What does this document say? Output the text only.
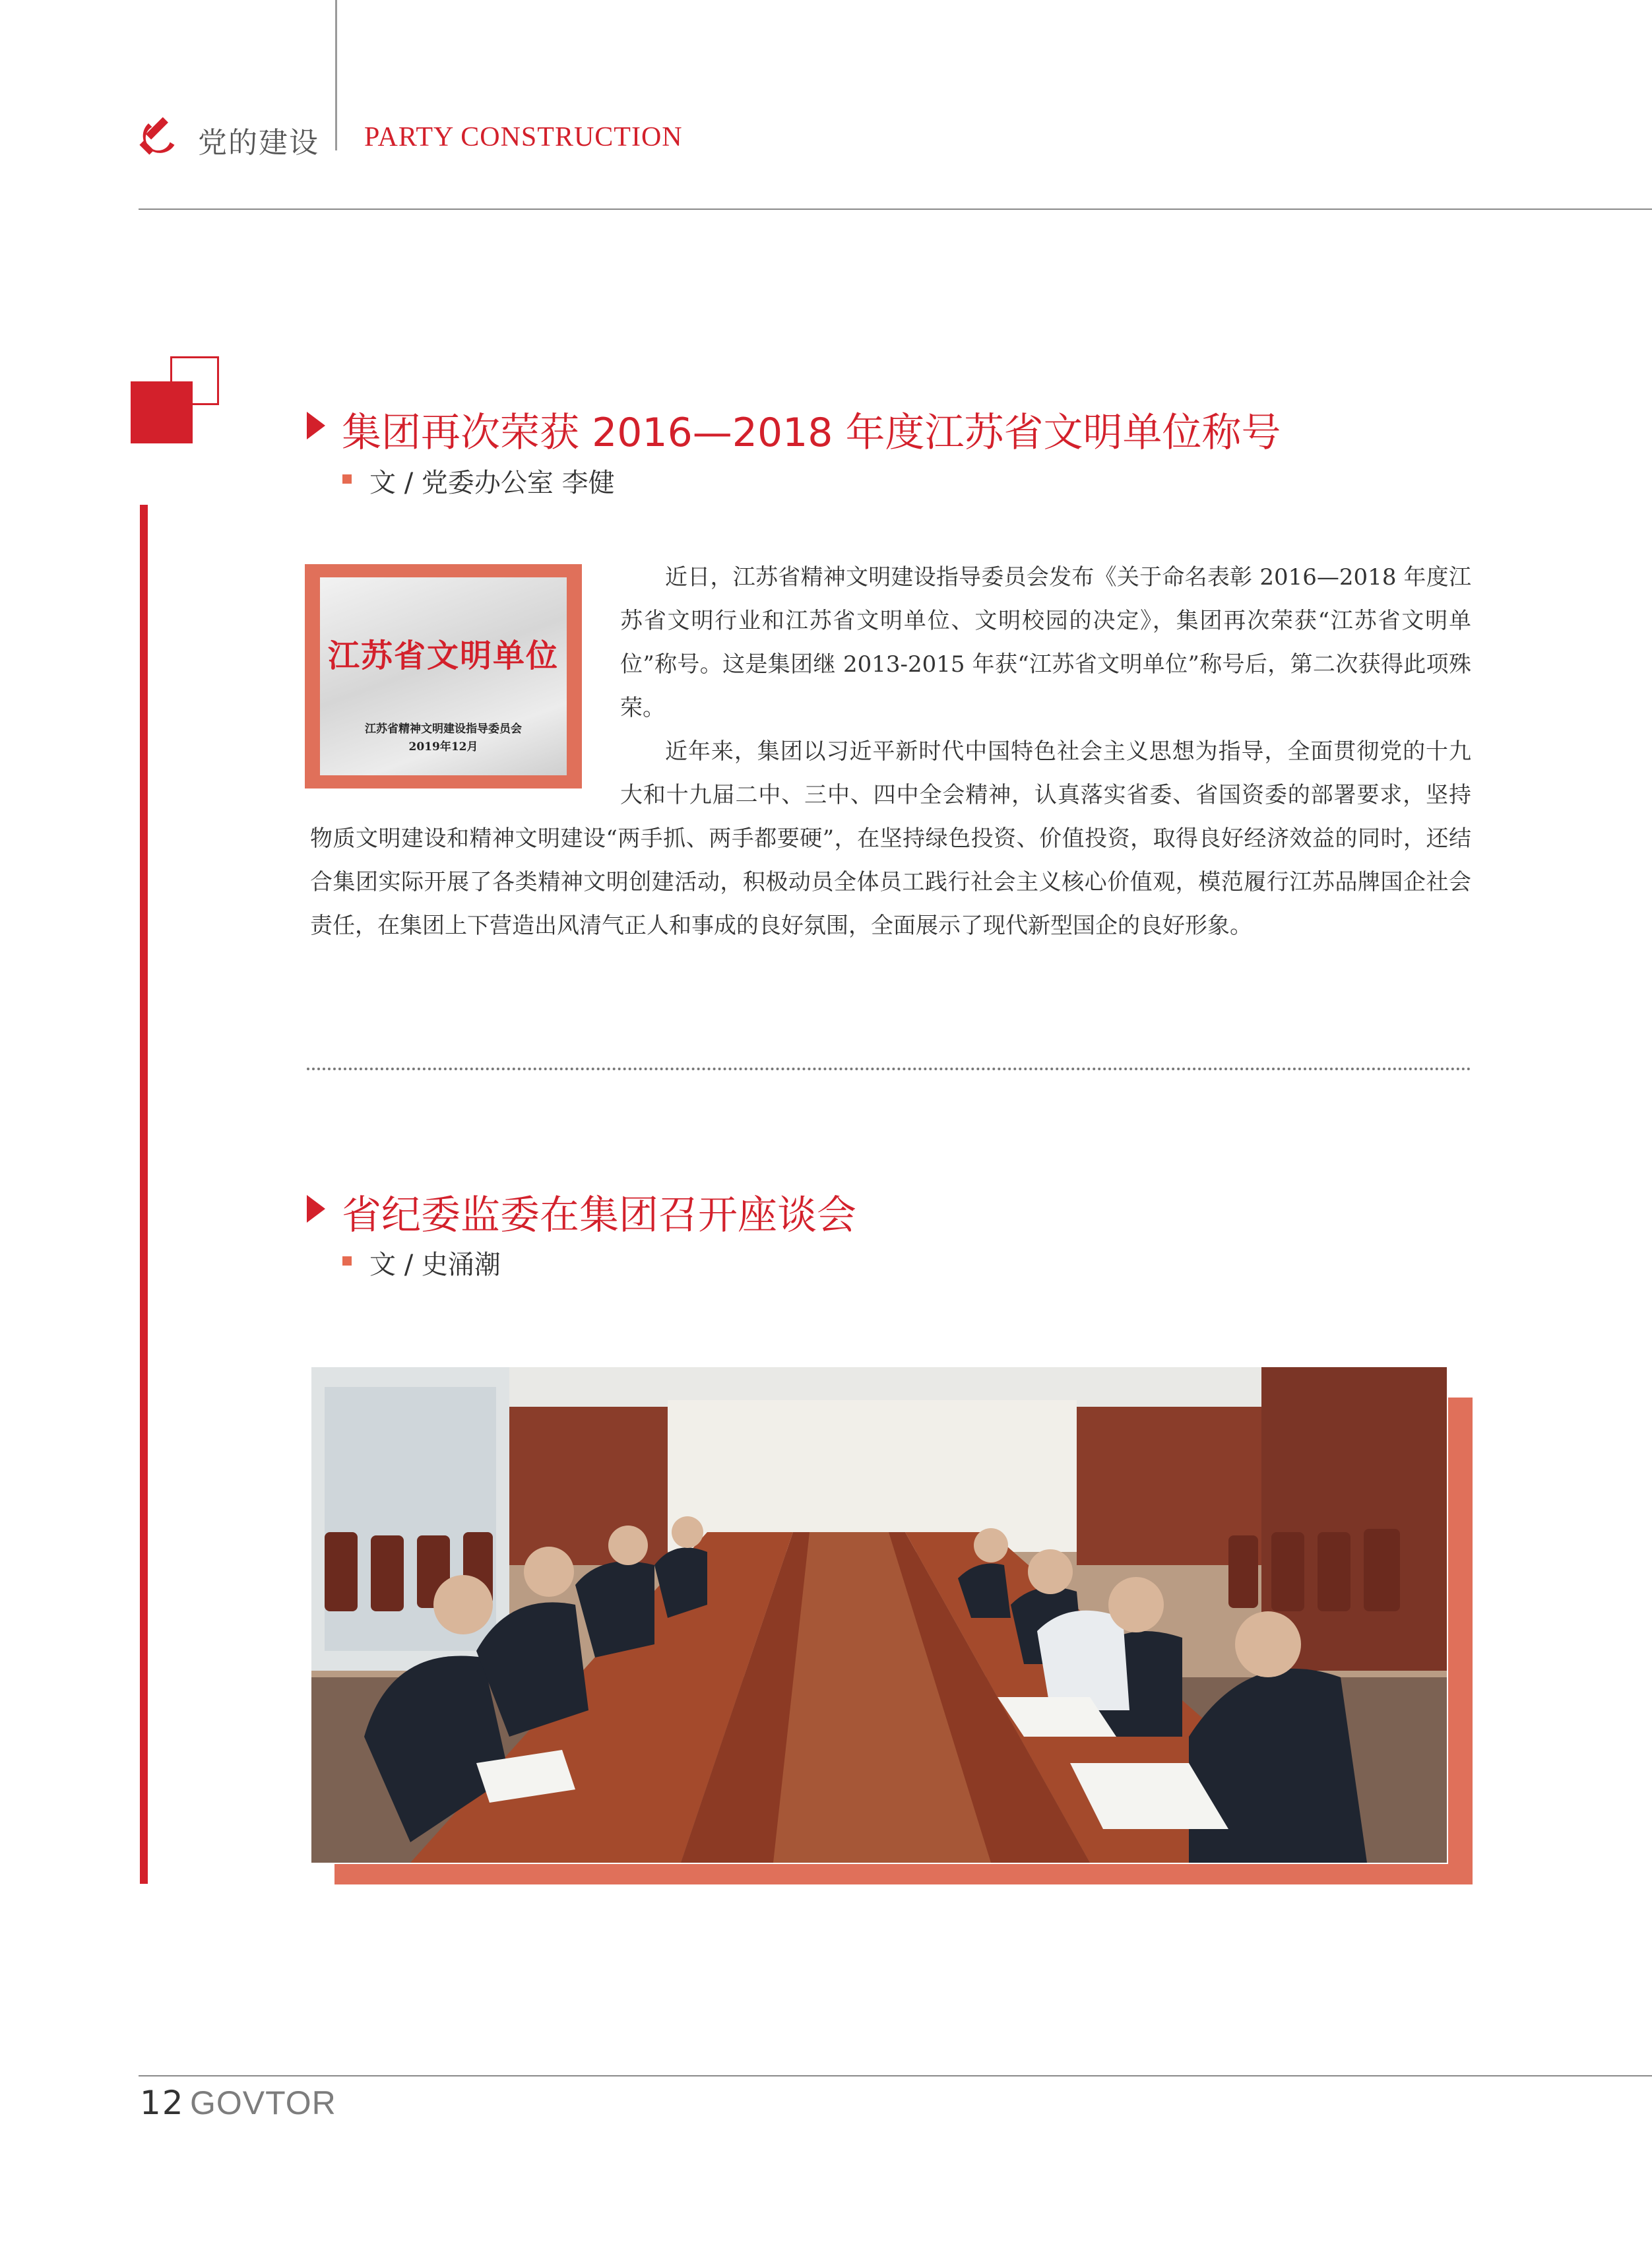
党的建设 PARTY CONSTRUCTION
集团再次荣获 2016—2018 年度江苏省文明单位称号
文 / 党委办公室 李健
江苏省文明单位
江苏省精神文明建设指导委员会
2019年12月

近日，江苏省精神文明建设指导委员会发布《关于命名表彰 2016—2018 年度江苏省文明行业和江苏省文明单位、文明校园的决定》，集团再次荣获“江苏省文明单位”称号。这是集团继 2013-2015 年获“江苏省文明单位”称号后，第二次获得此项殊荣。

近年来，集团以习近平新时代中国特色社会主义思想为指导，全面贯彻党的十九大和十九届二中、三中、四中全会精神，认真落实省委、省国资委的部署要求，坚持物质文明建设和精神文明建设“两手抓、两手都要硬”，在坚持绿色投资、价值投资，取得良好经济效益的同时，还结合集团实际开展了各类精神文明创建活动，积极动员全体员工践行社会主义核心价值观，模范履行江苏品牌国企社会责任，在集团上下营造出风清气正人和事成的良好氛围，全面展示了现代新型国企的良好形象。

省纪委监委在集团召开座谈会
文 / 史涌潮
12 GOVTOR
